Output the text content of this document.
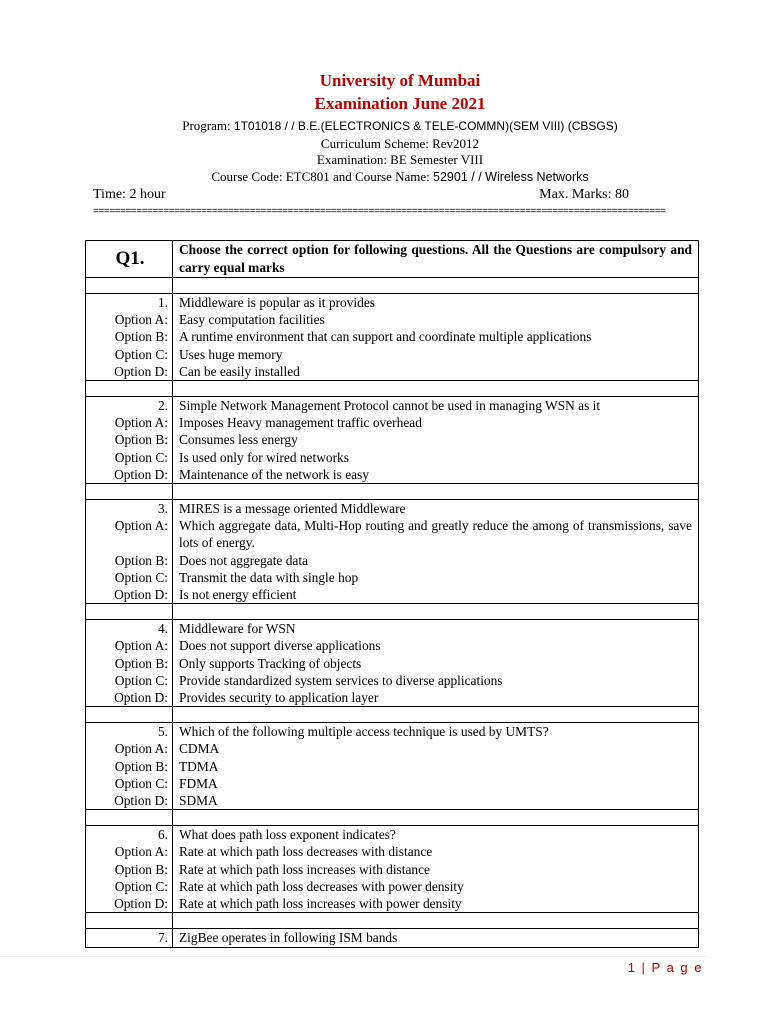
University of Mumbai
Examination June 2021
Program: 1T01018 / / B.E.(ELECTRONICS & TELE-COMMN)(SEM VIII) (CBSGS)
Curriculum Scheme: Rev2012
Examination: BE Semester VIII
Course Code: ETC801 and Course Name: 52901 / / Wireless Networks
Time: 2 hour	Max. Marks: 80
==========================================================================================================
Q1.	Choose the correct option for following questions. All the Questions are compulsory and carry equal marks

1.	Middleware is popular as it provides
Option A:	Easy computation facilities
Option B:	A runtime environment that can support and coordinate multiple applications
Option C:	Uses huge memory
Option D:	Can be easily installed

2.	Simple Network Management Protocol cannot be used in managing WSN as it
Option A:	Imposes Heavy management traffic overhead
Option B:	Consumes less energy
Option C:	Is used only for wired networks
Option D:	Maintenance of the network is easy

3.	MIRES is a message oriented Middleware
Option A:	Which aggregate data, Multi-Hop routing and greatly reduce the among of transmissions, save lots of energy.
Option B:	Does not aggregate data
Option C:	Transmit the data with single hop
Option D:	Is not energy efficient

4.	Middleware for WSN
Option A:	Does not support diverse applications
Option B:	Only supports Tracking of objects
Option C:	Provide standardized system services to diverse applications
Option D:	Provides security to application layer

5.	Which of the following multiple access technique is used by UMTS?
Option A:	CDMA
Option B:	TDMA
Option C:	FDMA
Option D:	SDMA

6.	What does path loss exponent indicates?
Option A:	Rate at which path loss decreases with distance
Option B:	Rate at which path loss increases with distance
Option C:	Rate at which path loss decreases with power density
Option D:	Rate at which path loss increases with power density

7.	ZigBee operates in following ISM bands
1 | P a g e
